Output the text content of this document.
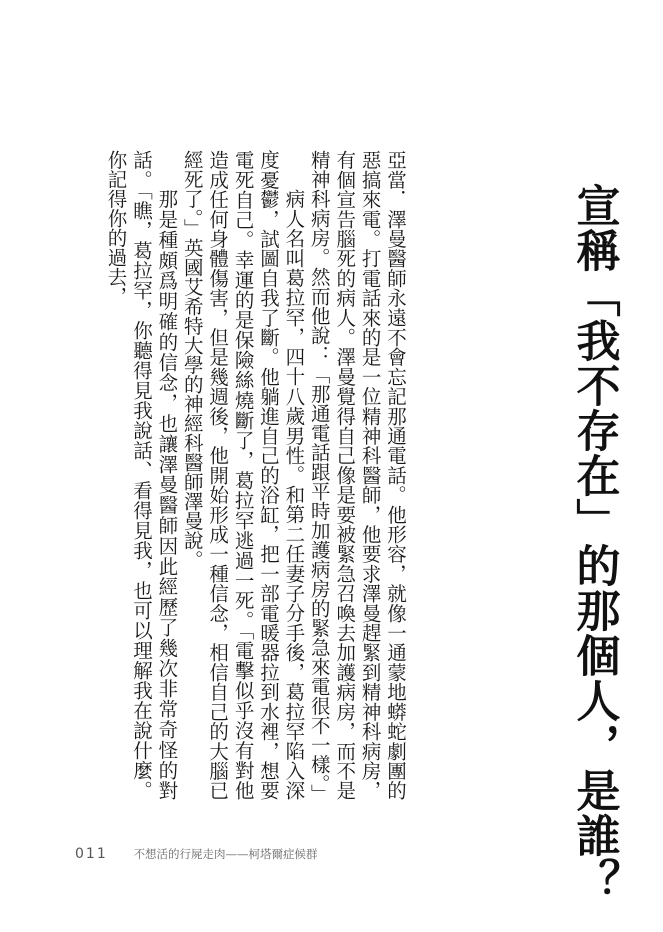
宣稱「我不存在」的那個人，是誰？

亞當．澤曼醫師永遠不會忘記那通電話。他形容，就像一通蒙地蟒蛇劇團的惡搞來電。打電話來的是一位精神科醫師，他要求澤曼趕緊到精神科病房，有個宣告腦死的病人。澤曼覺得自己像是要被緊急召喚去加護病房，而不是精神科病房。然而他說：「那通電話跟平時加護病房的緊急來電很不一樣。」

病人名叫葛拉罕，四十八歲男性。和第二任妻子分手後，葛拉罕陷入深度憂鬱，試圖自我了斷。他躺進自己的浴缸，把一部電暖器拉到水裡，想要電死自己。幸運的是保險絲燒斷了，葛拉罕逃過一死。「電擊似乎沒有對他造成任何身體傷害，但是幾週後，他開始形成一種信念，相信自己的大腦已經死了。」英國艾希特大學的神經科醫師澤曼說。

那是種頗爲明確的信念，也讓澤曼醫師因此經歷了幾次非常奇怪的對話。「瞧，葛拉罕，你聽得見我說話、看得見我，也可以理解我在說什麼。你記得你的過去，

011 不想活的行屍走肉——柯塔爾症候群
